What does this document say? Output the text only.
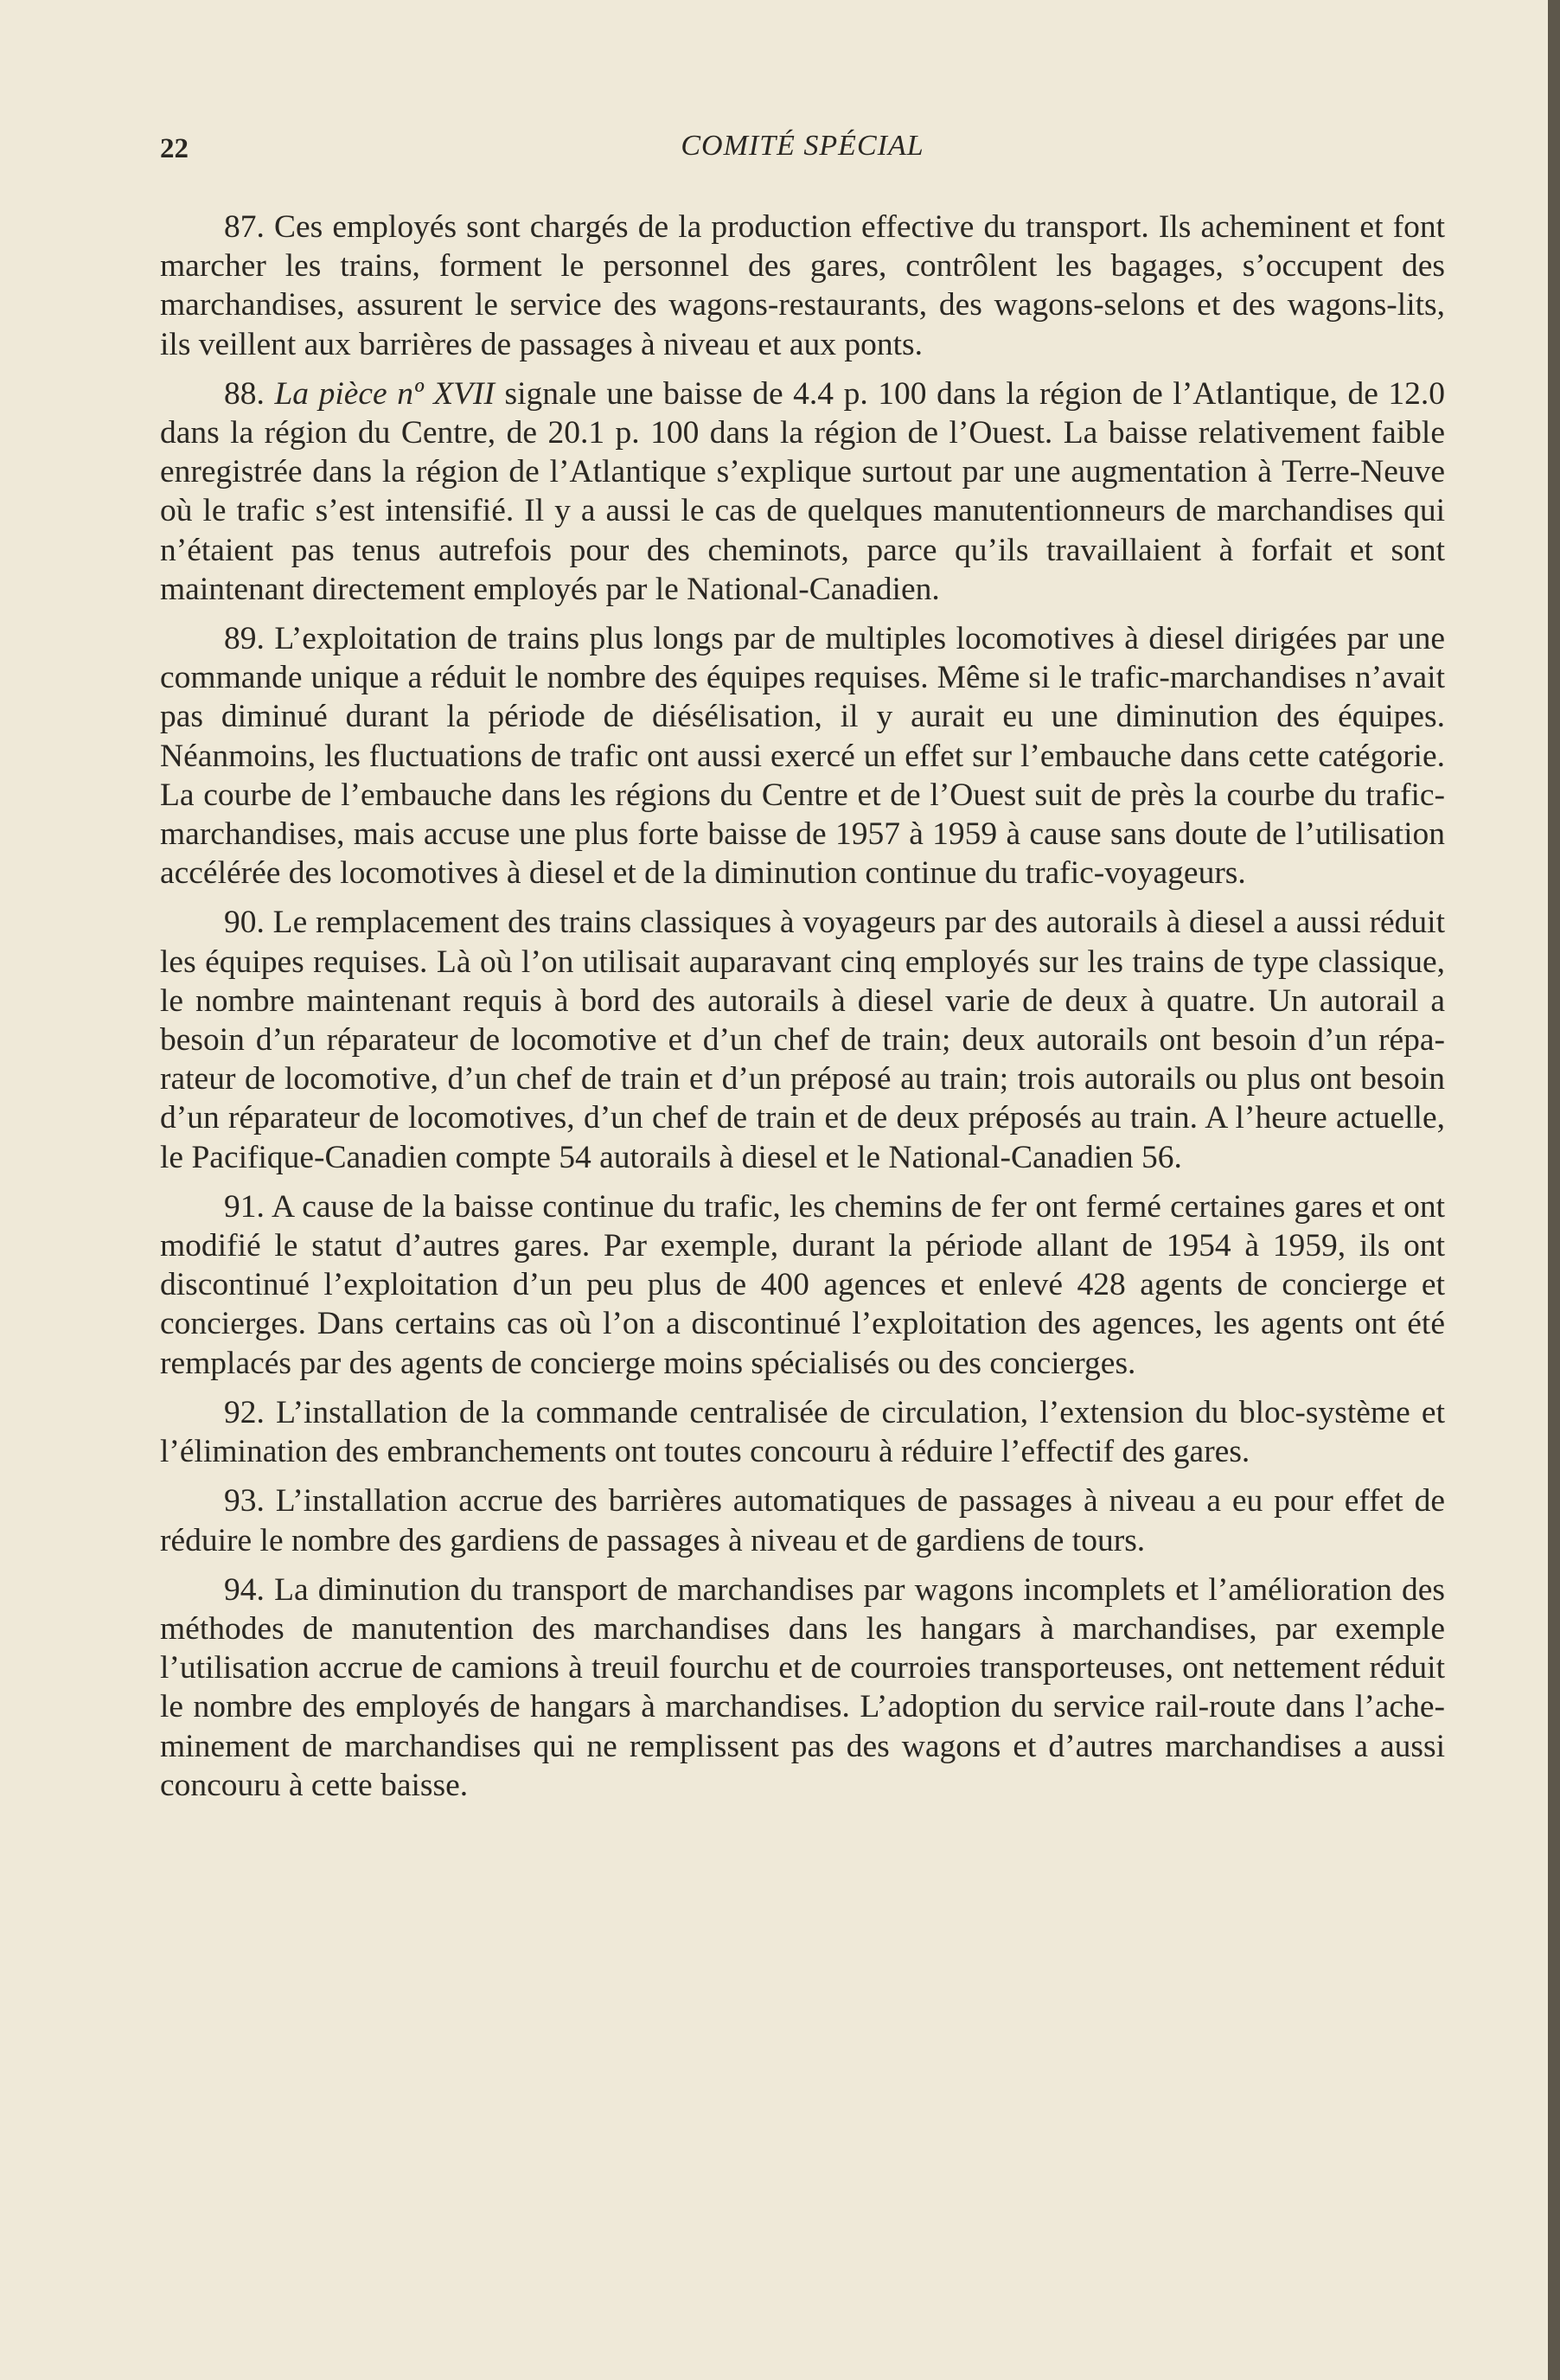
22	COMITÉ SPÉCIAL

87. Ces employés sont chargés de la production effective du transport. Ils acheminent et font marcher les trains, forment le personnel des gares, contrôlent les bagages, s’occupent des marchandises, assurent le service des wagons-restaurants, des wagons-selons et des wagons-lits, ils veillent aux barrières de passages à niveau et aux ponts.

88. La pièce nº XVII signale une baisse de 4.4 p. 100 dans la région de l’Atlantique, de 12.0 dans la région du Centre, de 20.1 p. 100 dans la région de l’Ouest. La baisse relativement faible enregistrée dans la région de l’Atlantique s’explique surtout par une augmentation à Terre-Neuve où le trafic s’est intensifié. Il y a aussi le cas de quelques manutentionneurs de marchandises qui n’étaient pas tenus autrefois pour des cheminots, parce qu’ils travaillaient à forfait et sont maintenant directement employés par le National-Canadien.

89. L’exploitation de trains plus longs par de multiples locomotives à diesel dirigées par une commande unique a réduit le nombre des équipes requises. Même si le trafic-marchandises n’avait pas diminué durant la période de diésélisation, il y aurait eu une diminution des équipes. Néanmoins, les fluctuations de trafic ont aussi exercé un effet sur l’embauche dans cette catégorie. La courbe de l’embauche dans les régions du Centre et de l’Ouest suit de près la courbe du trafic-marchandises, mais accuse une plus forte baisse de 1957 à 1959 à cause sans doute de l’utilisation accélérée des locomotives à diesel et de la diminution continue du trafic-voyageurs.

90. Le remplacement des trains classiques à voyageurs par des autorails à diesel a aussi réduit les équipes requises. Là où l’on utilisait auparavant cinq employés sur les trains de type classique, le nombre maintenant requis à bord des autorails à diesel varie de deux à quatre. Un autorail a besoin d’un réparateur de locomotive et d’un chef de train; deux autorails ont besoin d’un réparateur de locomotive, d’un chef de train et d’un préposé au train; trois autorails ou plus ont besoin d’un réparateur de locomotives, d’un chef de train et de deux préposés au train. A l’heure actuelle, le Pacifique-Canadien compte 54 autorails à diesel et le National-Canadien 56.

91. A cause de la baisse continue du trafic, les chemins de fer ont fermé certaines gares et ont modifié le statut d’autres gares. Par exemple, durant la période allant de 1954 à 1959, ils ont discontinué l’exploitation d’un peu plus de 400 agences et enlevé 428 agents de concierge et concierges. Dans certains cas où l’on a discontinué l’exploitation des agences, les agents ont été remplacés par des agents de concierge moins spécialisés ou des concierges.

92. L’installation de la commande centralisée de circulation, l’extension du bloc-système et l’élimination des embranchements ont toutes concouru à réduire l’effectif des gares.

93. L’installation accrue des barrières automatiques de passages à niveau a eu pour effet de réduire le nombre des gardiens de passages à niveau et de gardiens de tours.

94. La diminution du transport de marchandises par wagons incomplets et l’amélioration des méthodes de manutention des marchandises dans les hangars à marchandises, par exemple l’utilisation accrue de camions à treuil fourchu et de courroies transporteuses, ont nettement réduit le nombre des employés de hangars à marchandises. L’adoption du service rail-route dans l’acheminement de marchandises qui ne remplissent pas des wagons et d’autres marchandises a aussi concouru à cette baisse.
